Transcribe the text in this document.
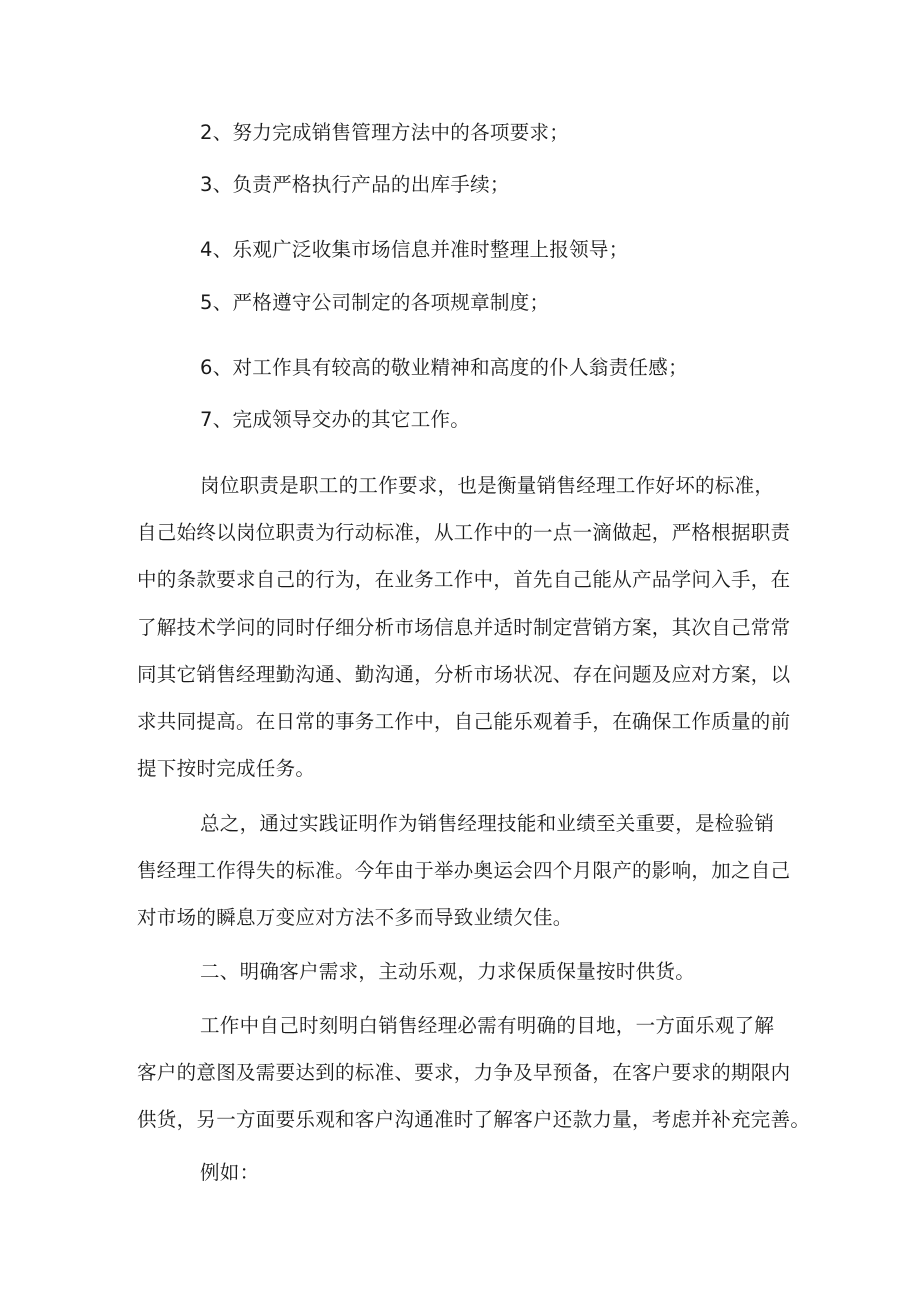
2、努力完成销售管理方法中的各项要求；
3、负责严格执行产品的出库手续；
4、乐观广泛收集市场信息并准时整理上报领导；
5、严格遵守公司制定的各项规章制度；
6、对工作具有较高的敬业精神和高度的仆人翁责任感；
7、完成领导交办的其它工作。
岗位职责是职工的工作要求，也是衡量销售经理工作好坏的标准，
自己始终以岗位职责为行动标准，从工作中的一点一滴做起，严格根据职责
中的条款要求自己的行为，在业务工作中，首先自己能从产品学问入手，在
了解技术学问的同时仔细分析市场信息并适时制定营销方案，其次自己常常
同其它销售经理勤沟通、勤沟通，分析市场状况、存在问题及应对方案，以
求共同提高。在日常的事务工作中，自己能乐观着手，在确保工作质量的前
提下按时完成任务。
总之，通过实践证明作为销售经理技能和业绩至关重要，是检验销
售经理工作得失的标准。今年由于举办奥运会四个月限产的影响，加之自己
对市场的瞬息万变应对方法不多而导致业绩欠佳。
二、明确客户需求，主动乐观，力求保质保量按时供货。
工作中自己时刻明白销售经理必需有明确的目地，一方面乐观了解
客户的意图及需要达到的标准、要求，力争及早预备，在客户要求的期限内
供货，另一方面要乐观和客户沟通准时了解客户还款力量，考虑并补充完善。
例如：
